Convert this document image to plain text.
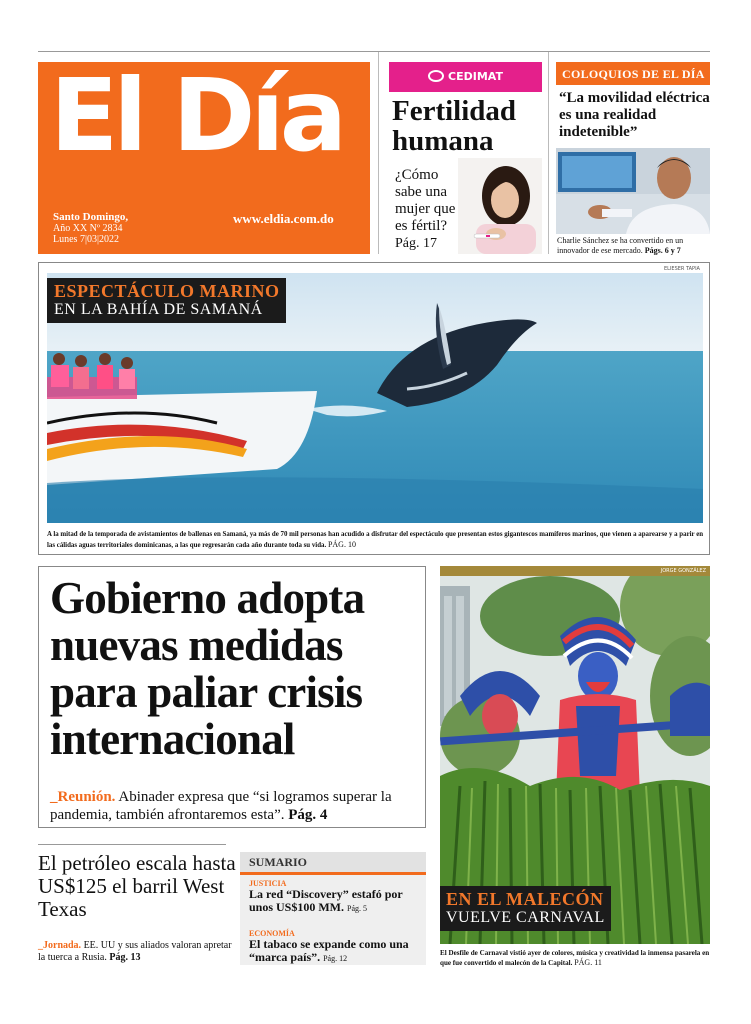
El Día
Santo Domingo,
Año XX Nº 2834
Lunes 7|03|2022
www.eldia.com.do
CEDIMAT
Fertilidad humana
¿Cómo sabe una mujer que es fértil?
Pág. 17
COLOQUIOS DE EL DÍA
“La movilidad eléctrica es una realidad indetenible”
Charlie Sánchez se ha convertido en un innovador de ese mercado. Págs. 6 y 7
ELIESER TAPIA
ESPECTÁCULO MARINO
EN LA BAHÍA DE SAMANÁ
A la mitad de la temporada de avistamientos de ballenas en Samaná, ya más de 70 mil personas han acudido a disfrutar del espectáculo que presentan estos gigantescos mamíferos marinos, que vienen a aparearse y a parir en las cálidas aguas territoriales dominicanas, a las que regresarán cada año durante toda su vida. PÁG. 10
Gobierno adopta nuevas medidas para paliar crisis internacional
_Reunión. Abinader expresa que “si logramos superar la pandemia, también afrontaremos esta”. Pág. 4
El petróleo escala hasta US$125 el barril West Texas
_Jornada. EE. UU y sus aliados valoran apretar la tuerca a Rusia. Pág. 13
SUMARIO
JUSTICIA
La red “Discovery” estafó por unos US$100 MM. Pág. 5
ECONOMÍA
El tabaco se expande como una “marca país”. Pág. 12
JORGE GONZÁLEZ
EN EL MALECÓN
VUELVE CARNAVAL
El Desfile de Carnaval vistió ayer de colores, música y creatividad la inmensa pasarela en que fue convertido el malecón de la Capital. PÁG. 11
